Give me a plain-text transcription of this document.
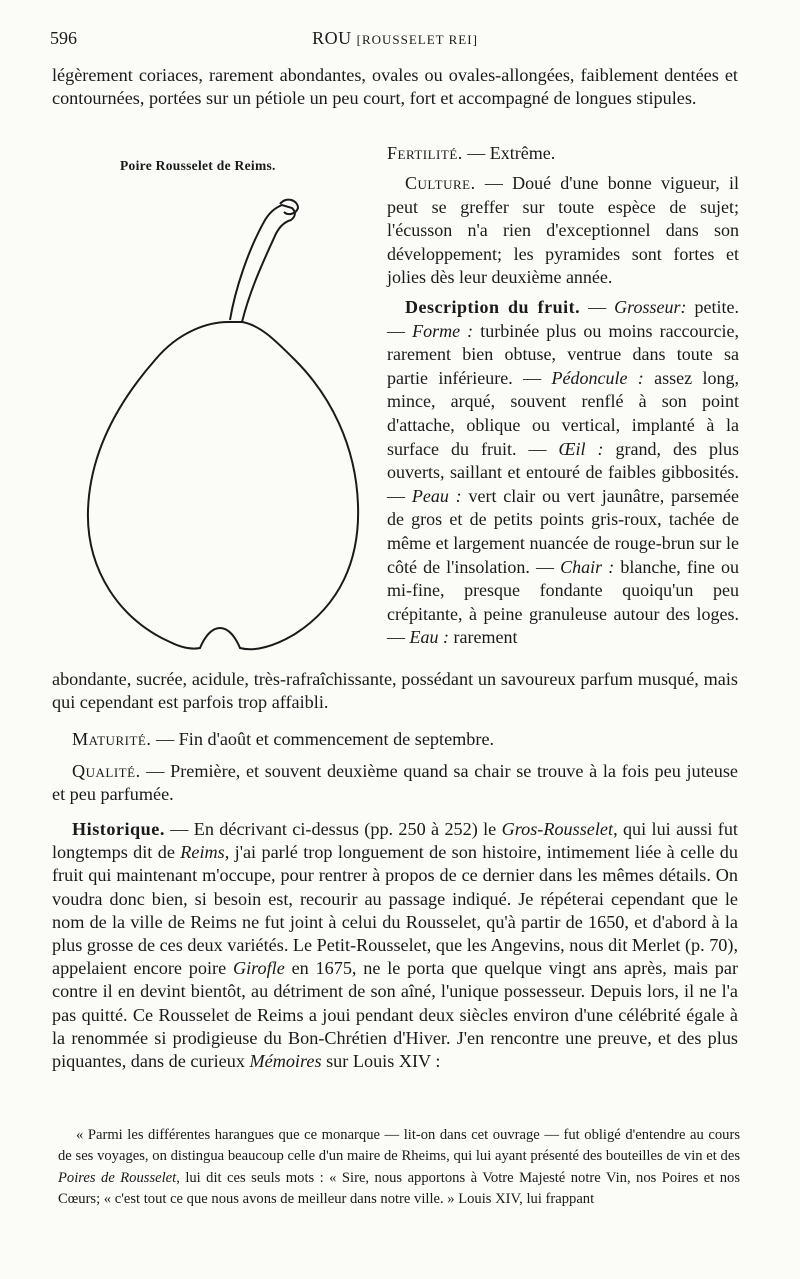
596	ROU [ROUSSELET REI]

légèrement coriaces, rarement abondantes, ovales ou ovales-allongées, faiblement dentées et contournées, portées sur un pétiole un peu court, fort et accompagné de longues stipules.

Poire Rousselet de Reims.

Fertilité. — Extrême.

Culture. — Doué d'une bonne vigueur, il peut se greffer sur toute espèce de sujet; l'écusson n'a rien d'exceptionnel dans son développement; les pyramides sont fortes et jolies dès leur deuxième année.

Description du fruit. — Grosseur: petite. — Forme : turbinée plus ou moins raccourcie, rarement bien obtuse, ventrue dans toute sa partie inférieure. — Pédoncule : assez long, mince, arqué, souvent renflé à son point d'attache, oblique ou vertical, implanté à la surface du fruit. — Œil : grand, des plus ouverts, saillant et entouré de faibles gibbosités. — Peau : vert clair ou vert jaunâtre, parsemée de gros et de petits points gris-roux, tachée de même et largement nuancée de rouge-brun sur le côté de l'insolation. — Chair : blanche, fine ou mi-fine, presque fondante quoiqu'un peu crépitante, à peine granuleuse autour des loges. — Eau : rarement

abondante, sucrée, acidule, très-rafraîchissante, possédant un savoureux parfum musqué, mais qui cependant est parfois trop affaibli.

Maturité. — Fin d'août et commencement de septembre.

Qualité. — Première, et souvent deuxième quand sa chair se trouve à la fois peu juteuse et peu parfumée.

Historique. — En décrivant ci-dessus (pp. 250 à 252) le Gros-Rousselet, qui lui aussi fut longtemps dit de Reims, j'ai parlé trop longuement de son histoire, intimement liée à celle du fruit qui maintenant m'occupe, pour rentrer à propos de ce dernier dans les mêmes détails. On voudra donc bien, si besoin est, recourir au passage indiqué. Je répéterai cependant que le nom de la ville de Reims ne fut joint à celui du Rousselet, qu'à partir de 1650, et d'abord à la plus grosse de ces deux variétés. Le Petit-Rousselet, que les Angevins, nous dit Merlet (p. 70), appelaient encore poire Girofle en 1675, ne le porta que quelque vingt ans après, mais par contre il en devint bientôt, au détriment de son aîné, l'unique possesseur. Depuis lors, il ne l'a pas quitté. Ce Rousselet de Reims a joui pendant deux siècles environ d'une célébrité égale à la renommée si prodigieuse du Bon-Chrétien d'Hiver. J'en rencontre une preuve, et des plus piquantes, dans de curieux Mémoires sur Louis XIV :

« Parmi les différentes harangues que ce monarque — lit-on dans cet ouvrage — fut obligé d'entendre au cours de ses voyages, on distingua beaucoup celle d'un maire de Rheims, qui lui ayant présenté des bouteilles de vin et des Poires de Rousselet, lui dit ces seuls mots : « Sire, nous apportons à Votre Majesté notre Vin, nos Poires et nos Cœurs; « c'est tout ce que nous avons de meilleur dans notre ville. » Louis XIV, lui frappant
